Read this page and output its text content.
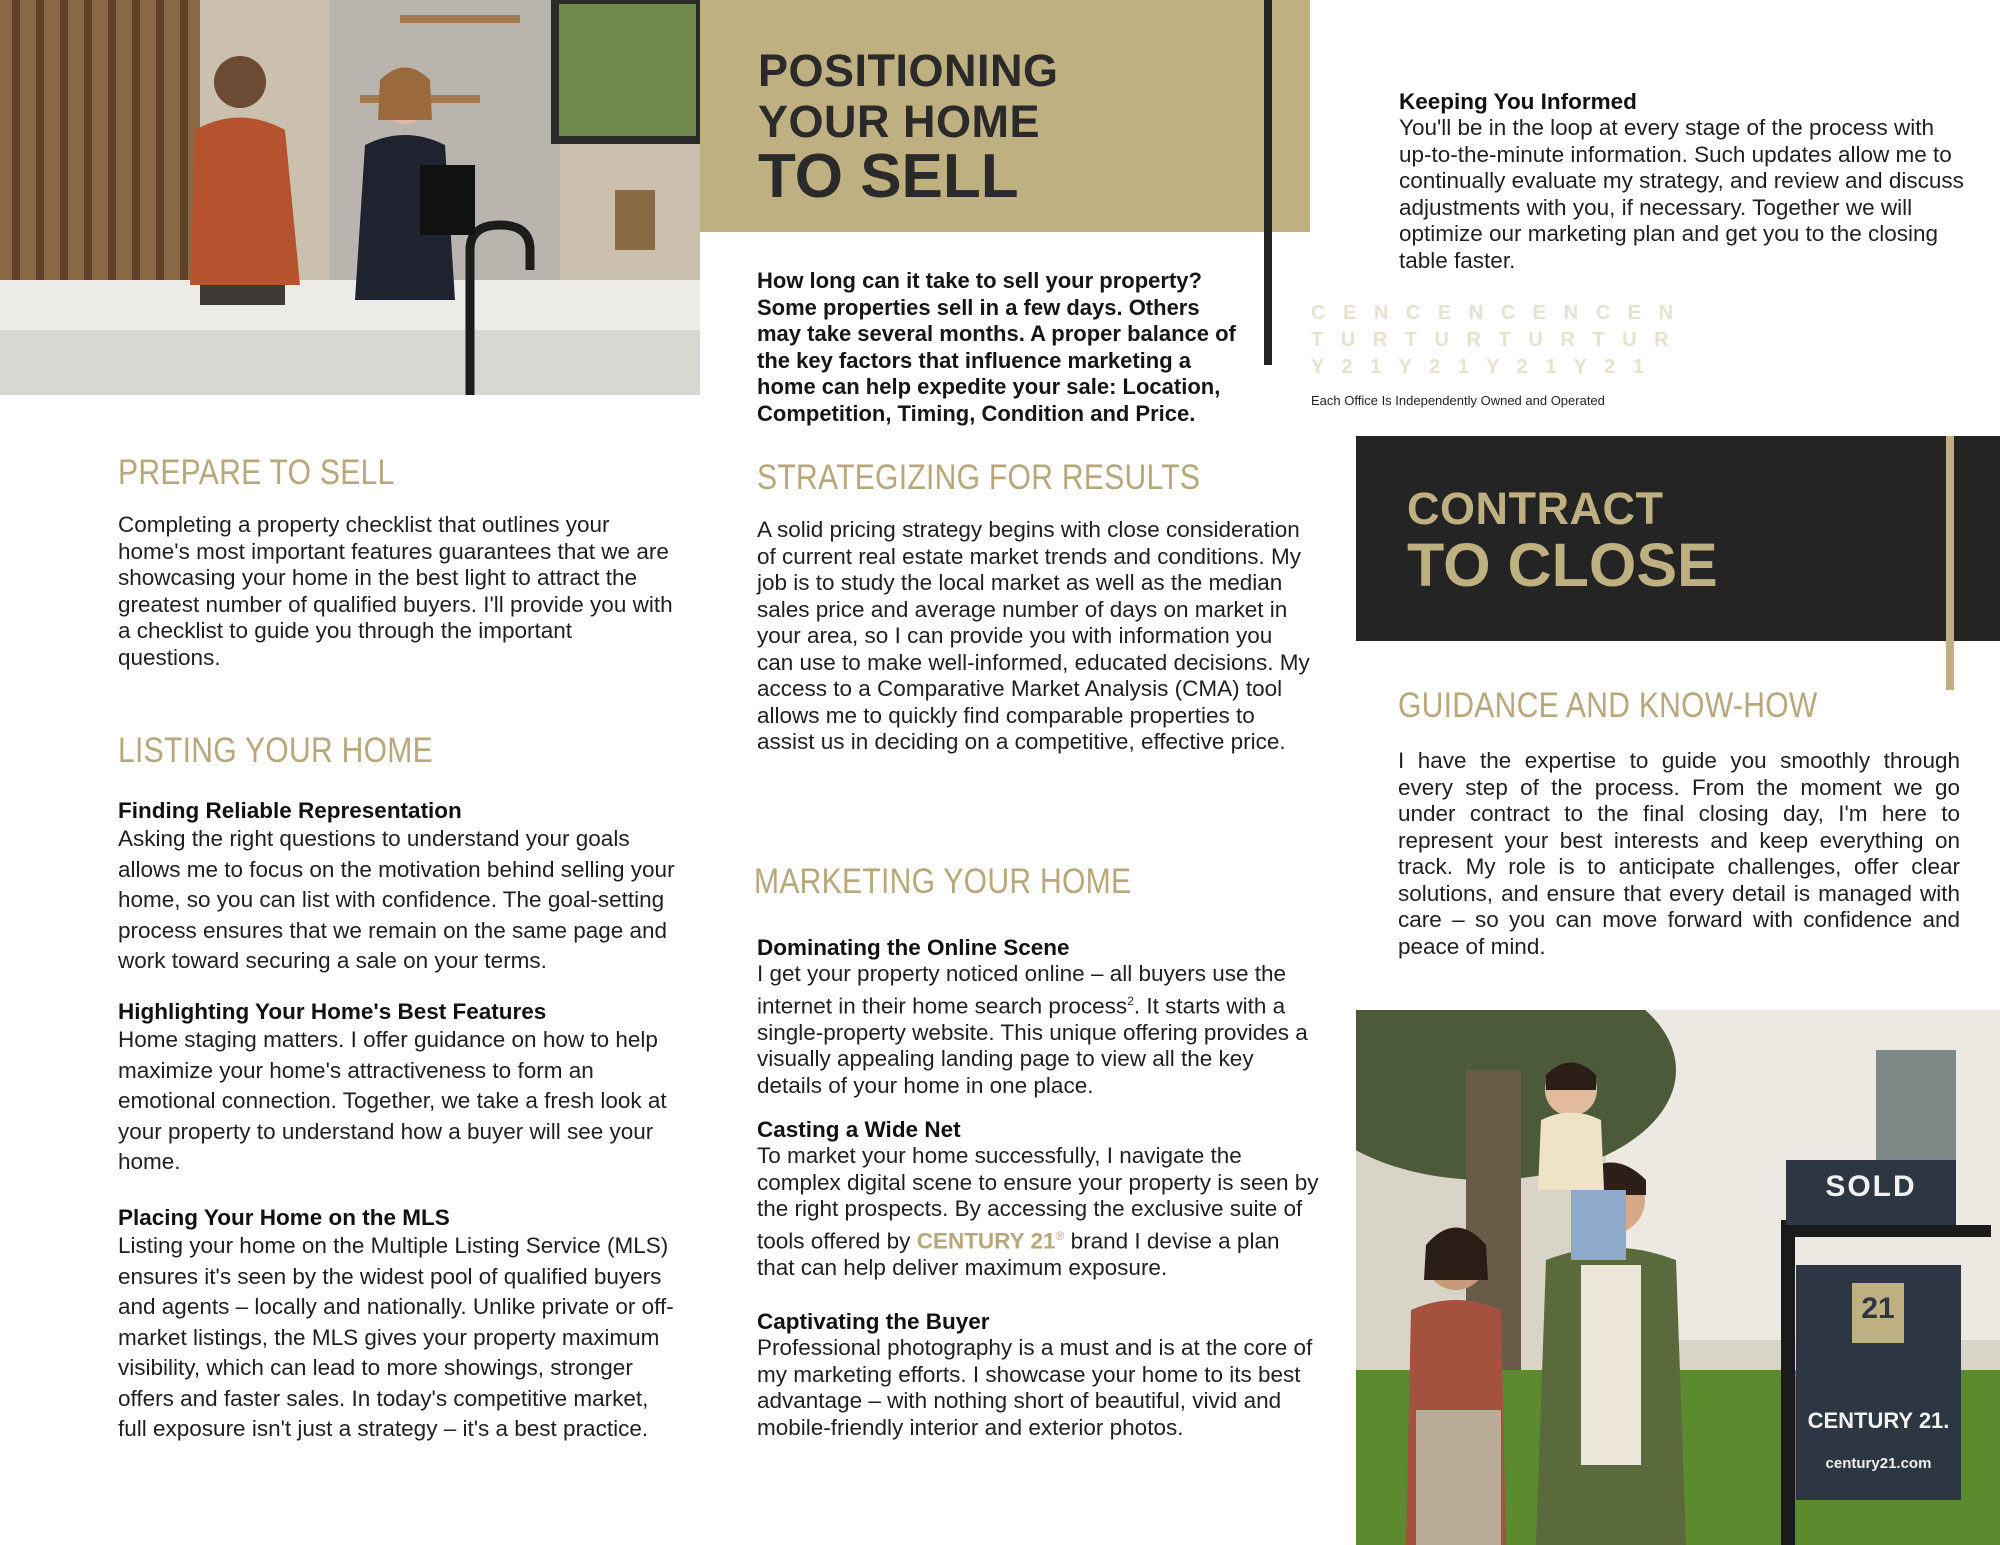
POSITIONING

YOUR HOME

TO SELL

How long can it take to sell your property? Some properties sell in a few days. Others may take several months. A proper balance of the key factors that influence marketing a home can help expedite your sale: Location, Competition, Timing, Condition and Price.

Keeping You Informed

You'll be in the loop at every stage of the process with up-to-the-minute information. Such updates allow me to continually evaluate my strategy, and review and discuss adjustments with you, if necessary. Together we will optimize our marketing plan and get you to the closing table faster.

C E N C E N C E N C E N
T U R T U R T U R T U R
Y 2 1 Y 2 1 Y 2 1 Y 2 1

Each Office Is Independently Owned and Operated

PREPARE TO SELL

Completing a property checklist that outlines your home's most important features guarantees that we are showcasing your home in the best light to attract the greatest number of qualified buyers. I'll provide you with a checklist to guide you through the important questions.

LISTING YOUR HOME

Finding Reliable Representation

Asking the right questions to understand your goals allows me to focus on the motivation behind selling your home, so you can list with confidence. The goal-setting process ensures that we remain on the same page and work toward securing a sale on your terms.

Highlighting Your Home's Best Features

Home staging matters. I offer guidance on how to help maximize your home's attractiveness to form an emotional connection. Together, we take a fresh look at your property to understand how a buyer will see your home.

Placing Your Home on the MLS

Listing your home on the Multiple Listing Service (MLS) ensures it's seen by the widest pool of qualified buyers and agents – locally and nationally. Unlike private or off-market listings, the MLS gives your property maximum visibility, which can lead to more showings, stronger offers and faster sales. In today's competitive market, full exposure isn't just a strategy – it's a best practice.

STRATEGIZING FOR RESULTS

A solid pricing strategy begins with close consideration of current real estate market trends and conditions. My job is to study the local market as well as the median sales price and average number of days on market in your area, so I can provide you with information you can use to make well-informed, educated decisions. My access to a Comparative Market Analysis (CMA) tool allows me to quickly find comparable properties to assist us in deciding on a competitive, effective price.

MARKETING YOUR HOME

Dominating the Online Scene

I get your property noticed online – all buyers use the internet in their home search process$^2$. It starts with a single-property website. This unique offering provides a visually appealing landing page to view all the key details of your home in one place.

Casting a Wide Net

To market your home successfully, I navigate the complex digital scene to ensure your property is seen by the right prospects. By accessing the exclusive suite of tools offered by CENTURY 21® brand I devise a plan that can help deliver maximum exposure.

Captivating the Buyer

Professional photography is a must and is at the core of my marketing efforts. I showcase your home to its best advantage – with nothing short of beautiful, vivid and mobile-friendly interior and exterior photos.

CONTRACT

TO CLOSE

GUIDANCE AND KNOW-HOW

I have the expertise to guide you smoothly through every step of the process. From the moment we go under contract to the final closing day, I'm here to represent your best interests and keep everything on track. My role is to anticipate challenges, offer clear solutions, and ensure that every detail is managed with care – so you can move forward with confidence and peace of mind.

SOLD
21
CENTURY 21.
century21.com
